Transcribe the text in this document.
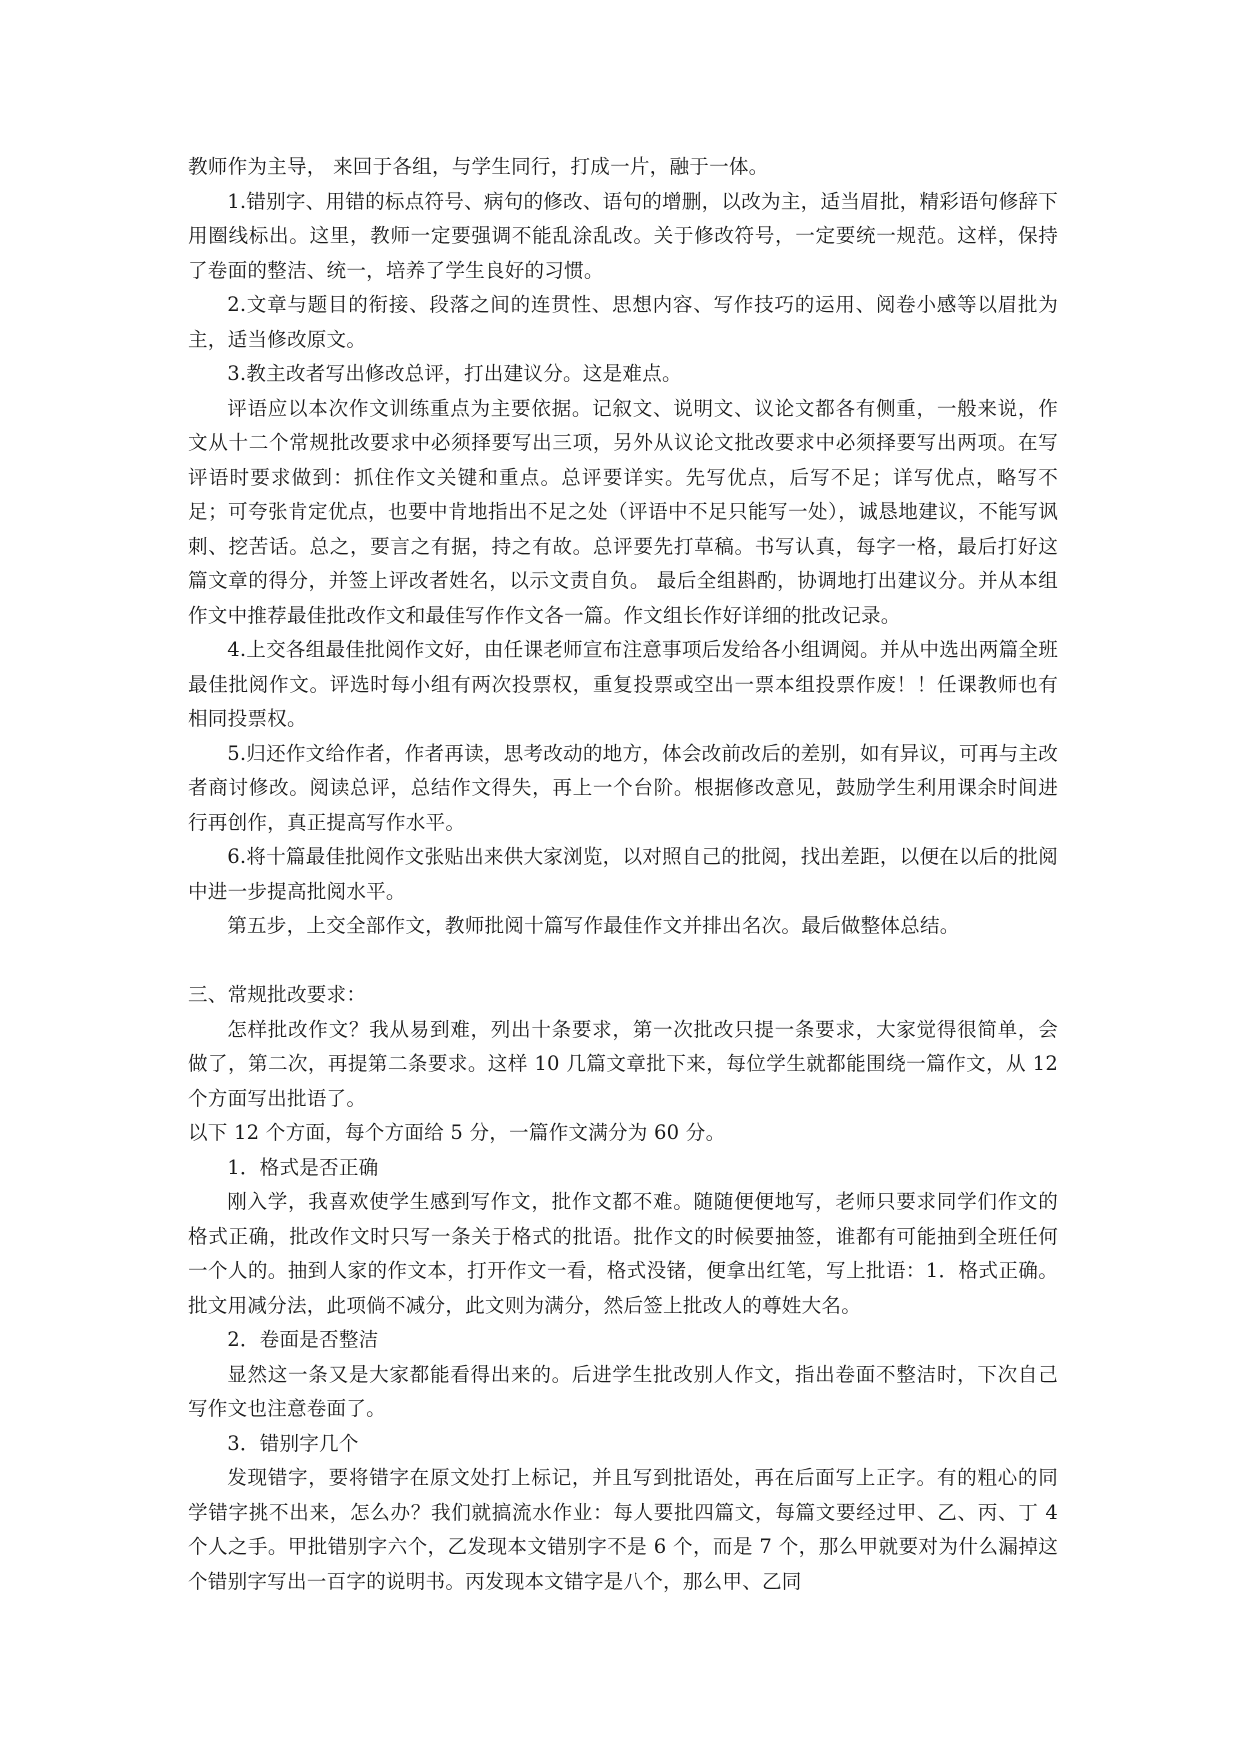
教师作为主导， 来回于各组，与学生同行，打成一片，融于一体。

1.错别字、用错的标点符号、病句的修改、语句的增删，以改为主，适当眉批，精彩语句修辞下用圈线标出。这里，教师一定要强调不能乱涂乱改。关于修改符号，一定要统一规范。这样，保持了卷面的整洁、统一，培养了学生良好的习惯。

2.文章与题目的衔接、段落之间的连贯性、思想内容、写作技巧的运用、阅卷小感等以眉批为主，适当修改原文。

3.教主改者写出修改总评，打出建议分。这是难点。

评语应以本次作文训练重点为主要依据。记叙文、说明文、议论文都各有侧重，一般来说，作文从十二个常规批改要求中必须择要写出三项，另外从议论文批改要求中必须择要写出两项。在写评语时要求做到：抓住作文关键和重点。总评要详实。先写优点，后写不足；详写优点，略写不足；可夸张肯定优点，也要中肯地指出不足之处（评语中不足只能写一处），诚恳地建议，不能写讽刺、挖苦话。总之，要言之有据，持之有故。总评要先打草稿。书写认真，每字一格，最后打好这篇文章的得分，并签上评改者姓名，以示文责自负。 最后全组斟酌，协调地打出建议分。并从本组作文中推荐最佳批改作文和最佳写作作文各一篇。作文组长作好详细的批改记录。

4.上交各组最佳批阅作文好，由任课老师宣布注意事项后发给各小组调阅。并从中选出两篇全班最佳批阅作文。评选时每小组有两次投票权，重复投票或空出一票本组投票作废！！任课教师也有相同投票权。

5.归还作文给作者，作者再读，思考改动的地方，体会改前改后的差别，如有异议，可再与主改者商讨修改。阅读总评，总结作文得失，再上一个台阶。根据修改意见，鼓励学生利用课余时间进行再创作，真正提高写作水平。

6.将十篇最佳批阅作文张贴出来供大家浏览，以对照自己的批阅，找出差距，以便在以后的批阅中进一步提高批阅水平。

第五步，上交全部作文，教师批阅十篇写作最佳作文并排出名次。最后做整体总结。

三、常规批改要求：

怎样批改作文？我从易到难，列出十条要求，第一次批改只提一条要求，大家觉得很简单，会做了，第二次，再提第二条要求。这样 10 几篇文章批下来，每位学生就都能围绕一篇作文，从 12 个方面写出批语了。

以下 12 个方面，每个方面给 5 分，一篇作文满分为 60 分。

1．格式是否正确

刚入学，我喜欢使学生感到写作文，批作文都不难。随随便便地写，老师只要求同学们作文的格式正确，批改作文时只写一条关于格式的批语。批作文的时候要抽签，谁都有可能抽到全班任何一个人的。抽到人家的作文本，打开作文一看，格式没锗，便拿出红笔，写上批语：1．格式正确。批文用减分法，此项倘不减分，此文则为满分，然后签上批改人的尊姓大名。

2．卷面是否整洁

显然这一条又是大家都能看得出来的。后进学生批改别人作文，指出卷面不整洁时，下次自己写作文也注意卷面了。

3．错别字几个

发现错字，要将错字在原文处打上标记，并且写到批语处，再在后面写上正字。有的粗心的同学错字挑不出来，怎么办？我们就搞流水作业：每人要批四篇文，每篇文要经过甲、乙、丙、丁 4 个人之手。甲批错别字六个，乙发现本文错别字不是 6 个，而是 7 个，那么甲就要对为什么漏掉这个错别字写出一百字的说明书。丙发现本文错字是八个，那么甲、乙同
